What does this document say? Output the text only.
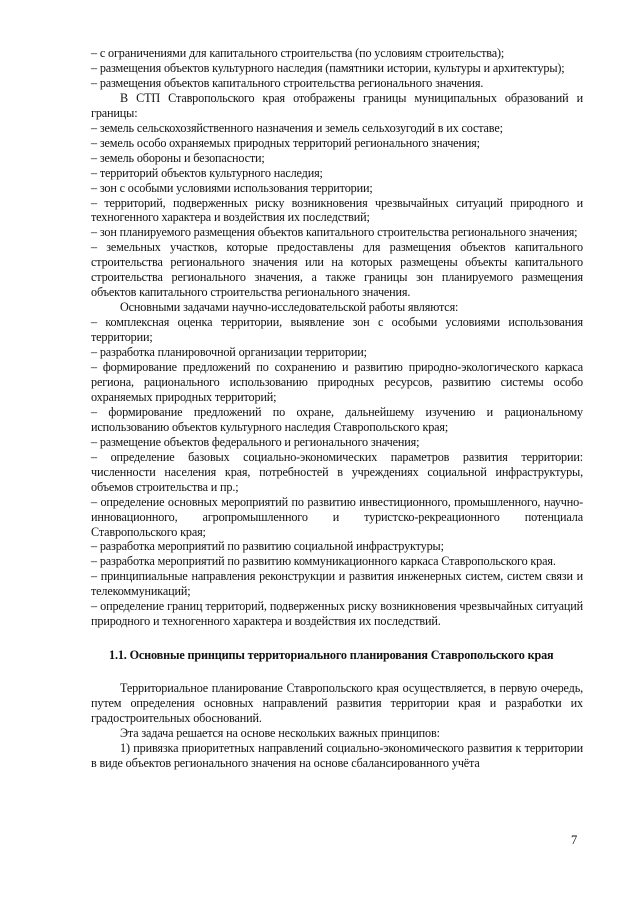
– с ограничениями для капитального строительства (по условиям строительства);

– размещения объектов культурного наследия (памятники истории, культуры и архитектуры);

– размещения объектов капитального строительства регионального значения.

В СТП Ставропольского края отображены границы муниципальных образований и границы:

– земель сельскохозяйственного назначения и земель сельхозугодий в их составе;

– земель особо охраняемых природных территорий регионального значения;

– земель обороны и безопасности;

– территорий объектов культурного наследия;

– зон с особыми условиями использования территории;

– территорий, подверженных риску возникновения чрезвычайных ситуаций природного и техногенного характера и воздействия их последствий;

– зон планируемого размещения объектов капитального строительства регионального значения;

– земельных участков, которые предоставлены для размещения объектов капитального строительства регионального значения или на которых размещены объекты капитального строительства регионального значения, а также границы зон планируемого размещения объектов капитального строительства регионального значения.

Основными задачами научно-исследовательской работы являются:

– комплексная оценка территории, выявление зон с особыми условиями использования территории;

– разработка планировочной организации территории;

– формирование предложений по сохранению и развитию природно-экологического каркаса региона, рационального использованию природных ресурсов, развитию системы особо охраняемых природных территорий;

– формирование предложений по охране, дальнейшему изучению и рациональному использованию объектов культурного наследия Ставропольского края;

– размещение объектов федерального и регионального значения;

– определение базовых социально-экономических параметров развития территории: численности населения края, потребностей в учреждениях социальной инфраструктуры, объемов строительства и пр.;

– определение основных мероприятий по развитию инвестиционного, промышленного, научно-инновационного, агропромышленного и туристско-рекреационного потенциала Ставропольского края;

– разработка мероприятий по развитию социальной инфраструктуры;

– разработка мероприятий по развитию коммуникационного каркаса Ставропольского края.

– принципиальные направления реконструкции и развития инженерных систем, систем связи и телекоммуникаций;

– определение границ территорий, подверженных риску возникновения чрезвычайных ситуаций природного и техногенного характера и воздействия их последствий.

1.1. Основные принципы территориального планирования Ставропольского края

Территориальное планирование Ставропольского края осуществляется, в первую очередь, путем определения основных направлений развития территории края и разработки их градостроительных обоснований.

Эта задача решается на основе нескольких важных принципов:

1) привязка приоритетных направлений социально-экономического развития к территории в виде объектов регионального значения на основе сбалансированного учёта

7
